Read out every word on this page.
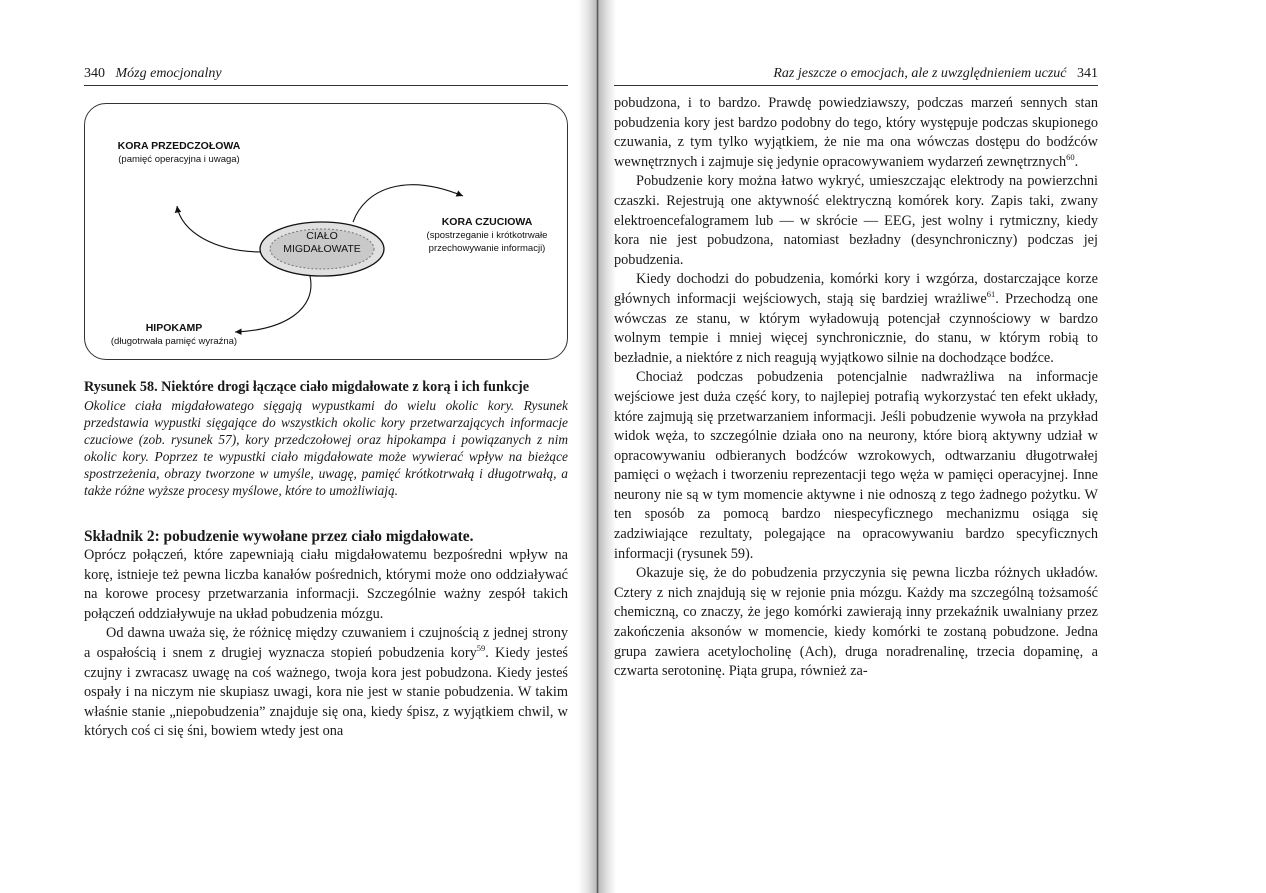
340 Mózg emocjonalny
CIAŁO
MIGDAŁOWATE
KORA PRZEDCZOŁOWA
(pamięć operacyjna i uwaga)
KORA CZUCIOWA
(spostrzeganie i krótkotrwałe
przechowywanie informacji)
HIPOKAMP
(długotrwała pamięć wyraźna)
Rysunek 58. Niektóre drogi łączące ciało migdałowate z korą i ich funkcje
Okolice ciała migdałowatego sięgają wypustkami do wielu okolic kory. Rysunek przedstawia wypustki sięgające do wszystkich okolic kory przetwarzających informacje czuciowe (zob. rysunek 57), kory przedczołowej oraz hipokampa i powiązanych z nim okolic kory. Poprzez te wypustki ciało migdałowate może wywierać wpływ na bieżące spostrzeżenia, obrazy tworzone w umyśle, uwagę, pamięć krótkotrwałą i długotrwałą, a także różne wyższe procesy myślowe, które to umożliwiają.
Składnik 2: pobudzenie wywołane przez ciało migdałowate.

Oprócz połączeń, które zapewniają ciału migdałowatemu bezpośredni wpływ na korę, istnieje też pewna liczba kanałów pośrednich, którymi może ono oddziaływać na korowe procesy przetwarzania informacji. Szczególnie ważny zespół takich połączeń oddziaływuje na układ pobudzenia mózgu.

Od dawna uważa się, że różnicę między czuwaniem i czujnością z jednej strony a ospałością i snem z drugiej wyznacza stopień pobudzenia kory$^{59}$. Kiedy jesteś czujny i zwracasz uwagę na coś ważnego, twoja kora jest pobudzona. Kiedy jesteś ospały i na niczym nie skupiasz uwagi, kora nie jest w stanie pobudzenia. W takim właśnie stanie „niepobudzenia” znajduje się ona, kiedy śpisz, z wyjątkiem chwil, w których coś ci się śni, bowiem wtedy jest ona

Raz jeszcze o emocjach, ale z uwzględnieniem uczuć 341

pobudzona, i to bardzo. Prawdę powiedziawszy, podczas marzeń sennych stan pobudzenia kory jest bardzo podobny do tego, który występuje podczas skupionego czuwania, z tym tylko wyjątkiem, że nie ma ona wówczas dostępu do bodźców wewnętrznych i zajmuje się jedynie opracowywaniem wydarzeń zewnętrznych$^{60}$.

Pobudzenie kory można łatwo wykryć, umieszczając elektrody na powierzchni czaszki. Rejestrują one aktywność elektryczną komórek kory. Zapis taki, zwany elektroencefalogramem lub — w skrócie — EEG, jest wolny i rytmiczny, kiedy kora nie jest pobudzona, natomiast bezładny (desynchroniczny) podczas jej pobudzenia.

Kiedy dochodzi do pobudzenia, komórki kory i wzgórza, dostarczające korze głównych informacji wejściowych, stają się bardziej wrażliwe$^{61}$. Przechodzą one wówczas ze stanu, w którym wyładowują potencjał czynnościowy w bardzo wolnym tempie i mniej więcej synchronicznie, do stanu, w którym robią to bezładnie, a niektóre z nich reagują wyjątkowo silnie na dochodzące bodźce.

Chociaż podczas pobudzenia potencjalnie nadwrażliwa na informacje wejściowe jest duża część kory, to najlepiej potrafią wykorzystać ten efekt układy, które zajmują się przetwarzaniem informacji. Jeśli pobudzenie wywoła na przykład widok węża, to szczególnie działa ono na neurony, które biorą aktywny udział w opracowywaniu odbieranych bodźców wzrokowych, odtwarzaniu długotrwałej pamięci o wężach i tworzeniu reprezentacji tego węża w pamięci operacyjnej. Inne neurony nie są w tym momencie aktywne i nie odnoszą z tego żadnego pożytku. W ten sposób za pomocą bardzo niespecyficznego mechanizmu osiąga się zadziwiające rezultaty, polegające na opracowywaniu bardzo specyficznych informacji (rysunek 59).

Okazuje się, że do pobudzenia przyczynia się pewna liczba różnych układów. Cztery z nich znajdują się w rejonie pnia mózgu. Każdy ma szczególną tożsamość chemiczną, co znaczy, że jego komórki zawierają inny przekaźnik uwalniany przez zakończenia aksonów w momencie, kiedy komórki te zostaną pobudzone. Jedna grupa zawiera acetylocholinę (Ach), druga noradrenalinę, trzecia dopaminę, a czwarta serotoninę. Piąta grupa, również za-
